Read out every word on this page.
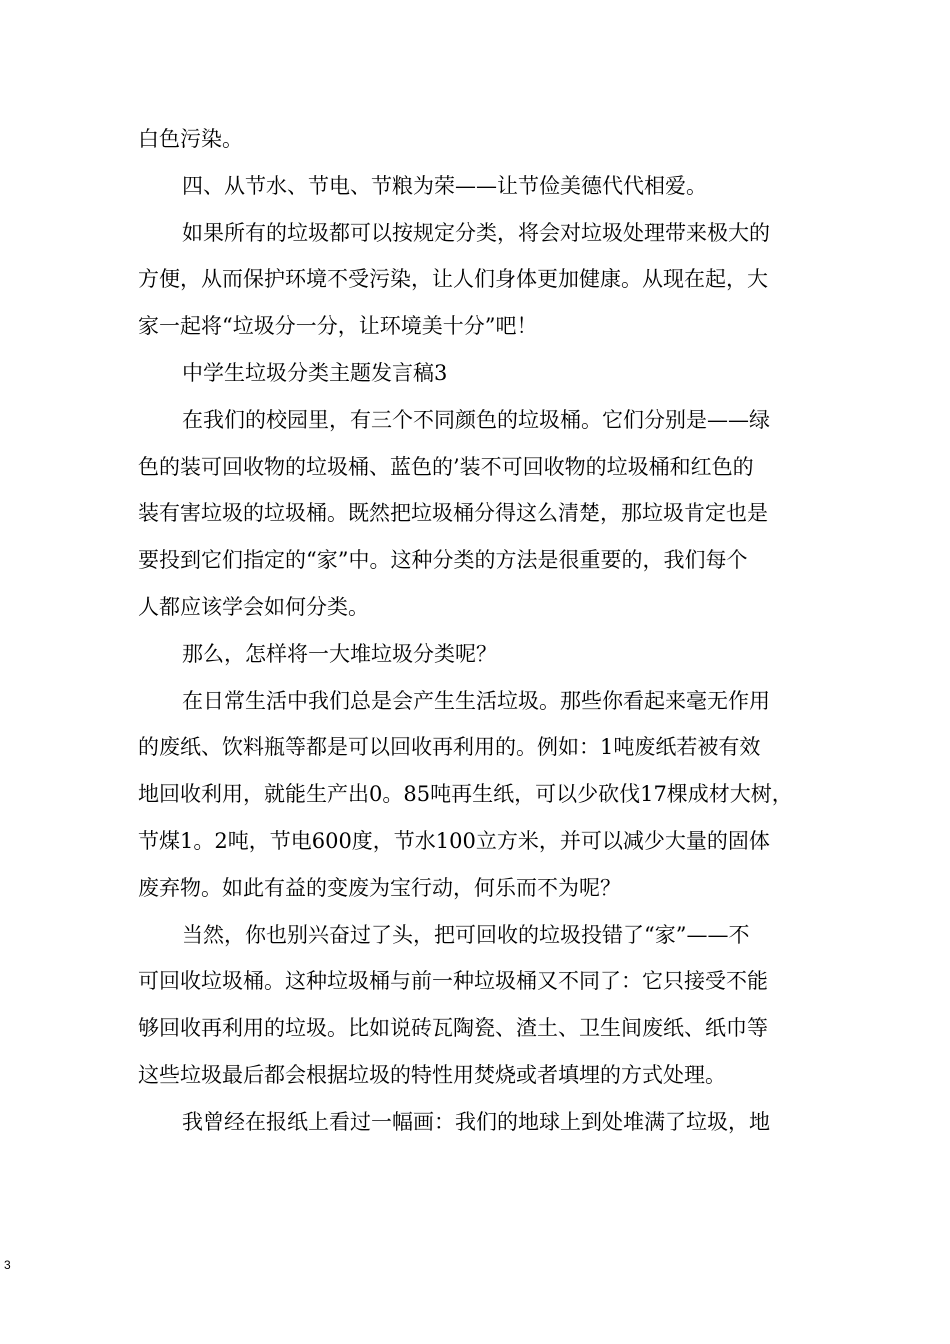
白色污染。
四、从节水、节电、节粮为荣——让节俭美德代代相爱。
如果所有的垃圾都可以按规定分类，将会对垃圾处理带来极大的
方便，从而保护环境不受污染，让人们身体更加健康。从现在起，大
家一起将“垃圾分一分，让环境美十分”吧！
中学生垃圾分类主题发言稿3
在我们的校园里，有三个不同颜色的垃圾桶。它们分别是——绿
色的装可回收物的垃圾桶、蓝色的’装不可回收物的垃圾桶和红色的
装有害垃圾的垃圾桶。既然把垃圾桶分得这么清楚，那垃圾肯定也是
要投到它们指定的“家”中。这种分类的方法是很重要的，我们每个
人都应该学会如何分类。
那么，怎样将一大堆垃圾分类呢？
在日常生活中我们总是会产生生活垃圾。那些你看起来毫无作用
的废纸、饮料瓶等都是可以回收再利用的。例如：1吨废纸若被有效
地回收利用，就能生产出0。85吨再生纸，可以少砍伐17棵成材大树，
节煤1。2吨，节电600度，节水100立方米，并可以减少大量的固体
废弃物。如此有益的变废为宝行动，何乐而不为呢？
当然，你也别兴奋过了头，把可回收的垃圾投错了“家”——不
可回收垃圾桶。这种垃圾桶与前一种垃圾桶又不同了：它只接受不能
够回收再利用的垃圾。比如说砖瓦陶瓷、渣土、卫生间废纸、纸巾等
这些垃圾最后都会根据垃圾的特性用焚烧或者填埋的方式处理。
我曾经在报纸上看过一幅画：我们的地球上到处堆满了垃圾，地
3
